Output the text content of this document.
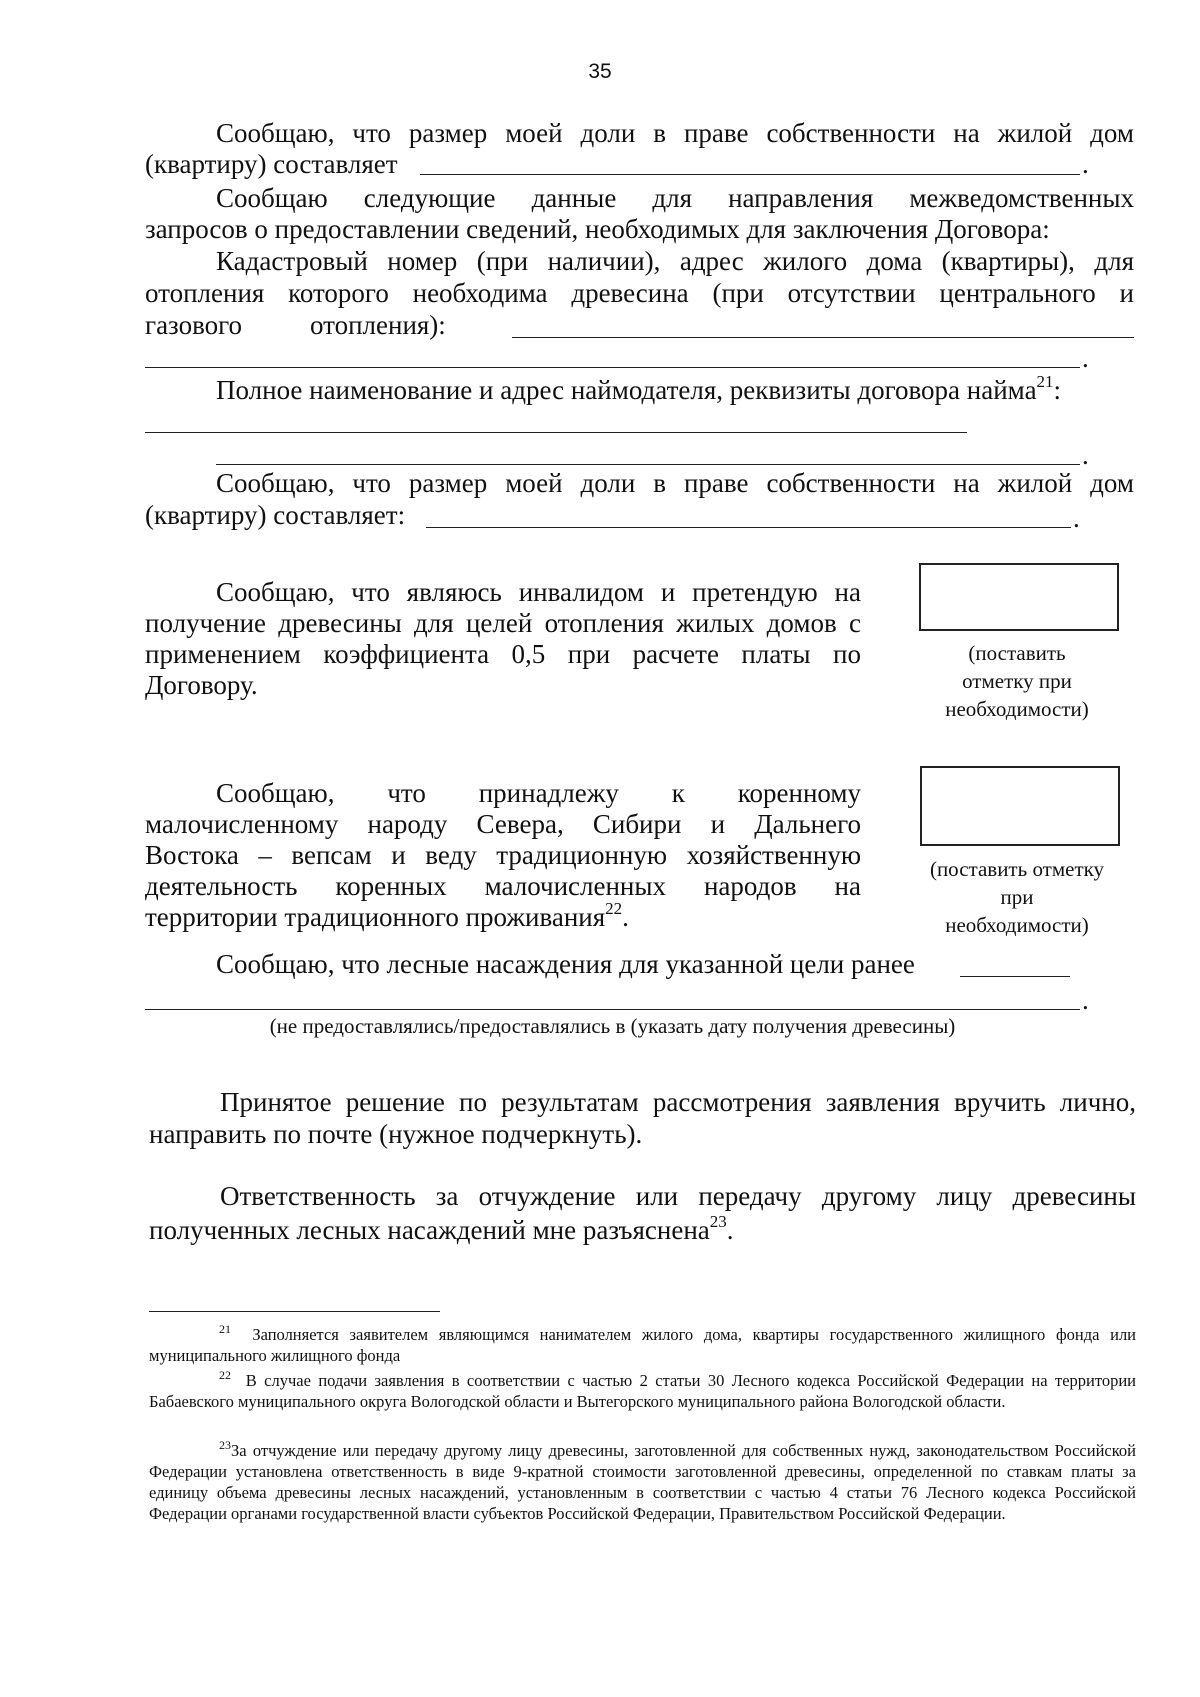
35
Сообщаю, что размер моей доли в праве собственности на жилой дом
(квартиру) составляет	.
Сообщаю следующие данные для направления межведомственных
запросов о предоставлении сведений, необходимых для заключения Договора:
Кадастровый номер (при наличии), адрес жилого дома (квартиры), для
отопления которого необходима древесина (при отсутствии центрального и
газового	отопления):
.
Полное наименование и адрес наймодателя, реквизиты договора найма$^{21}$:
.
Сообщаю, что размер моей доли в праве собственности на жилой дом
(квартиру) составляет:	.
Сообщаю, что являюсь инвалидом и претендую на
получение древесины для целей отопления жилых домов с
применением коэффициента 0,5 при расчете платы по
Договору.
(поставить
отметку при
необходимости)
Сообщаю, что принадлежу к коренному
малочисленному народу Севера, Сибири и Дальнего
Востока – вепсам и веду традиционную хозяйственную
деятельность коренных малочисленных народов на
территории традиционного проживания$^{22}$.
(поставить отметку
при
необходимости)
Сообщаю, что лесные насаждения для указанной цели ранее
.
(не предоставлялись/предоставлялись в (указать дату получения древесины)
Принятое решение по результатам рассмотрения заявления вручить лично,
направить по почте (нужное подчеркнуть).
Ответственность за отчуждение или передачу другому лицу древесины
полученных лесных насаждений мне разъяснена$^{23}$.
$^{21}$ Заполняется заявителем являющимся нанимателем жилого дома, квартиры государственного жилищного фонда или муниципального жилищного фонда
$^{22}$ В случае подачи заявления в соответствии с частью 2 статьи 30 Лесного кодекса Российской Федерации на территории Бабаевского муниципального округа Вологодской области и Вытегорского муниципального района Вологодской области.
$^{23}$За отчуждение или передачу другому лицу древесины, заготовленной для собственных нужд, законодательством Российской Федерации установлена ответственность в виде 9-кратной стоимости заготовленной древесины, определенной по ставкам платы за единицу объема древесины лесных насаждений, установленным в соответствии с частью 4 статьи 76 Лесного кодекса Российской Федерации органами государственной власти субъектов Российской Федерации, Правительством Российской Федерации.
